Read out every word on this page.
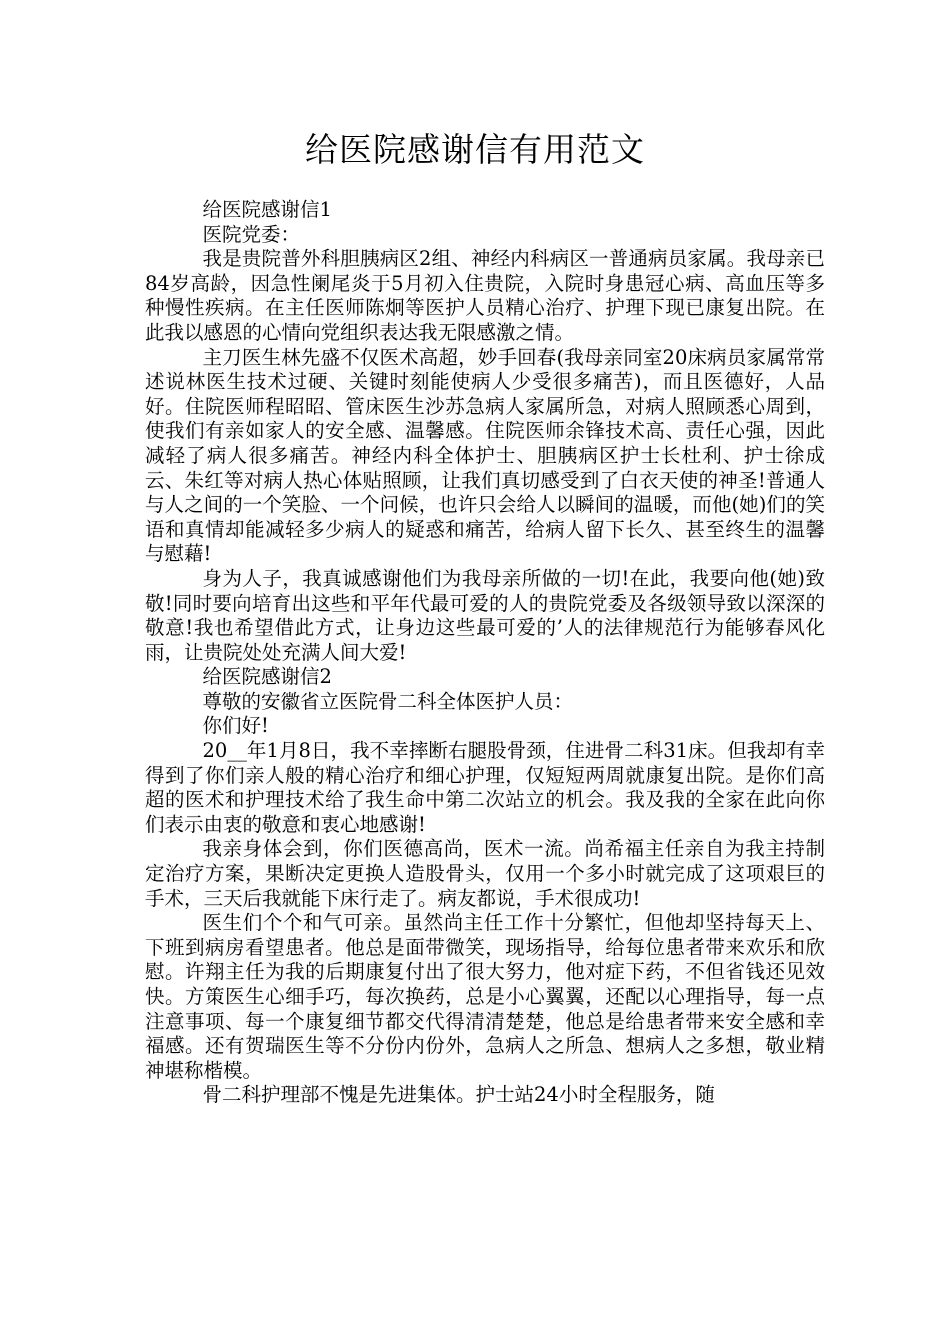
给医院感谢信有用范文

给医院感谢信1

医院党委：

我是贵院普外科胆胰病区2组、神经内科病区一普通病员家属。我母亲已84岁高龄，因急性阑尾炎于5月初入住贵院，入院时身患冠心病、高血压等多种慢性疾病。在主任医师陈炯等医护人员精心治疗、护理下现已康复出院。在此我以感恩的心情向党组织表达我无限感激之情。

主刀医生林先盛不仅医术高超，妙手回春(我母亲同室20床病员家属常常述说林医生技术过硬、关键时刻能使病人少受很多痛苦)，而且医德好，人品好。住院医师程昭昭、管床医生沙苏急病人家属所急，对病人照顾悉心周到，使我们有亲如家人的安全感、温馨感。住院医师余锋技术高、责任心强，因此减轻了病人很多痛苦。神经内科全体护士、胆胰病区护士长杜利、护士徐成云、朱红等对病人热心体贴照顾，让我们真切感受到了白衣天使的神圣!普通人与人之间的一个笑脸、一个问候，也许只会给人以瞬间的温暖，而他(她)们的笑语和真情却能减轻多少病人的疑惑和痛苦，给病人留下长久、甚至终生的温馨与慰藉!

身为人子，我真诚感谢他们为我母亲所做的一切!在此，我要向他(她)致敬!同时要向培育出这些和平年代最可爱的人的贵院党委及各级领导致以深深的敬意!我也希望借此方式，让身边这些最可爱的’人的法律规范行为能够春风化雨，让贵院处处充满人间大爱!

给医院感谢信2

尊敬的安徽省立医院骨二科全体医护人员：

你们好!

20__年1月8日，我不幸摔断右腿股骨颈，住进骨二科31床。但我却有幸得到了你们亲人般的精心治疗和细心护理，仅短短两周就康复出院。是你们高超的医术和护理技术给了我生命中第二次站立的机会。我及我的全家在此向你们表示由衷的敬意和衷心地感谢!

我亲身体会到，你们医德高尚，医术一流。尚希福主任亲自为我主持制定治疗方案，果断决定更换人造股骨头，仅用一个多小时就完成了这项艰巨的手术，三天后我就能下床行走了。病友都说，手术很成功!

医生们个个和气可亲。虽然尚主任工作十分繁忙，但他却坚持每天上、下班到病房看望患者。他总是面带微笑，现场指导，给每位患者带来欢乐和欣慰。许翔主任为我的后期康复付出了很大努力，他对症下药，不但省钱还见效快。方策医生心细手巧，每次换药，总是小心翼翼，还配以心理指导，每一点注意事项、每一个康复细节都交代得清清楚楚，他总是给患者带来安全感和幸福感。还有贺瑞医生等不分份内份外，急病人之所急、想病人之多想，敬业精神堪称楷模。

骨二科护理部不愧是先进集体。护士站24小时全程服务，随
